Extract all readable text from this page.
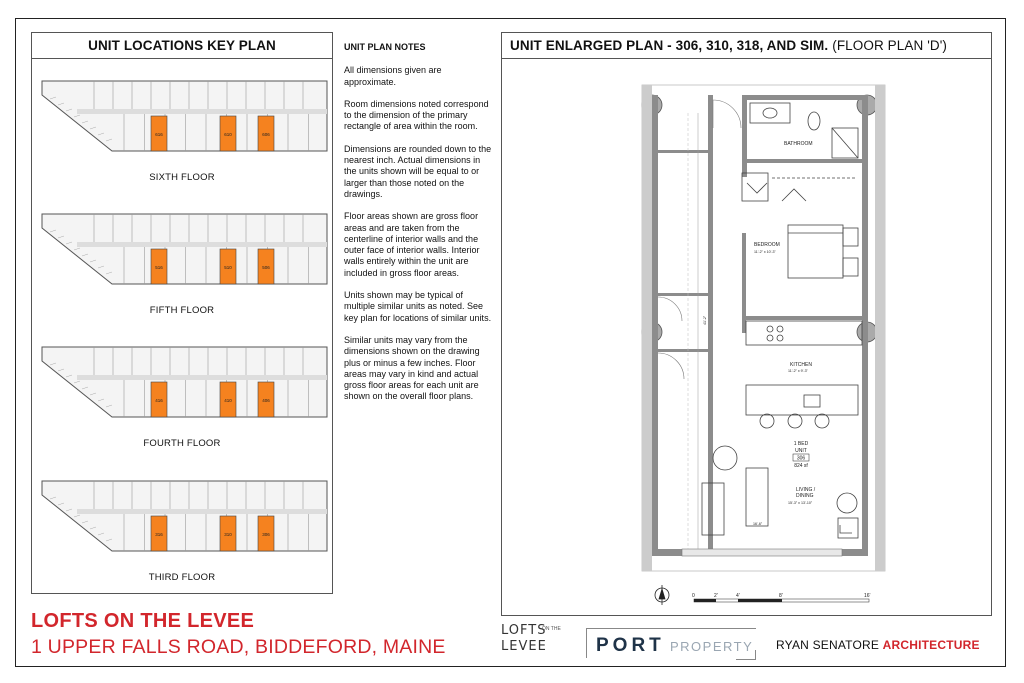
UNIT LOCATIONS KEY PLAN
616	610	606
SIXTH FLOOR
516	510	506
FIFTH FLOOR
416	410	406
FOURTH FLOOR
316	310	306
THIRD FLOOR
UNIT PLAN NOTES

All dimensions given are approximate.

Room dimensions noted correspond to the dimension of the primary rectangle of area within the room.

Dimensions are rounded down to the nearest inch. Actual dimensions in the units shown will be equal to or larger than those noted on the drawings.

Floor areas shown are gross floor areas and are taken from the centerline of interior walls and the outer face of interior walls. Interior walls entirely within the unit are included in gross floor areas.

Units shown may be typical of multiple similar units as noted. See key plan for locations of similar units.

Similar units may vary from the dimensions shown on the drawing plus or minus a few inches. Floor areas may vary in kind and actual gross floor areas for each unit are shown on the overall floor plans.

UNIT ENLARGED PLAN - 306, 310, 318, AND SIM. (FLOOR PLAN 'D')
BATHROOM
BEDROOM
11'-2" x 10'-3"
KITCHEN
11'-2" x 9'-3"
LIVING /
DINING
15'-3" x 13'-10"
41'-2"
16'-6"
1 BED
UNIT
306
824 sf
0	2'	4'	8'	16'
LOFTS ON THE LEVEE
1 UPPER FALLS ROAD, BIDDEFORD, MAINE
LOFTS
ON THE
LEVEE	PORT PROPERTY RYAN SENATORE ARCHITECTURE
